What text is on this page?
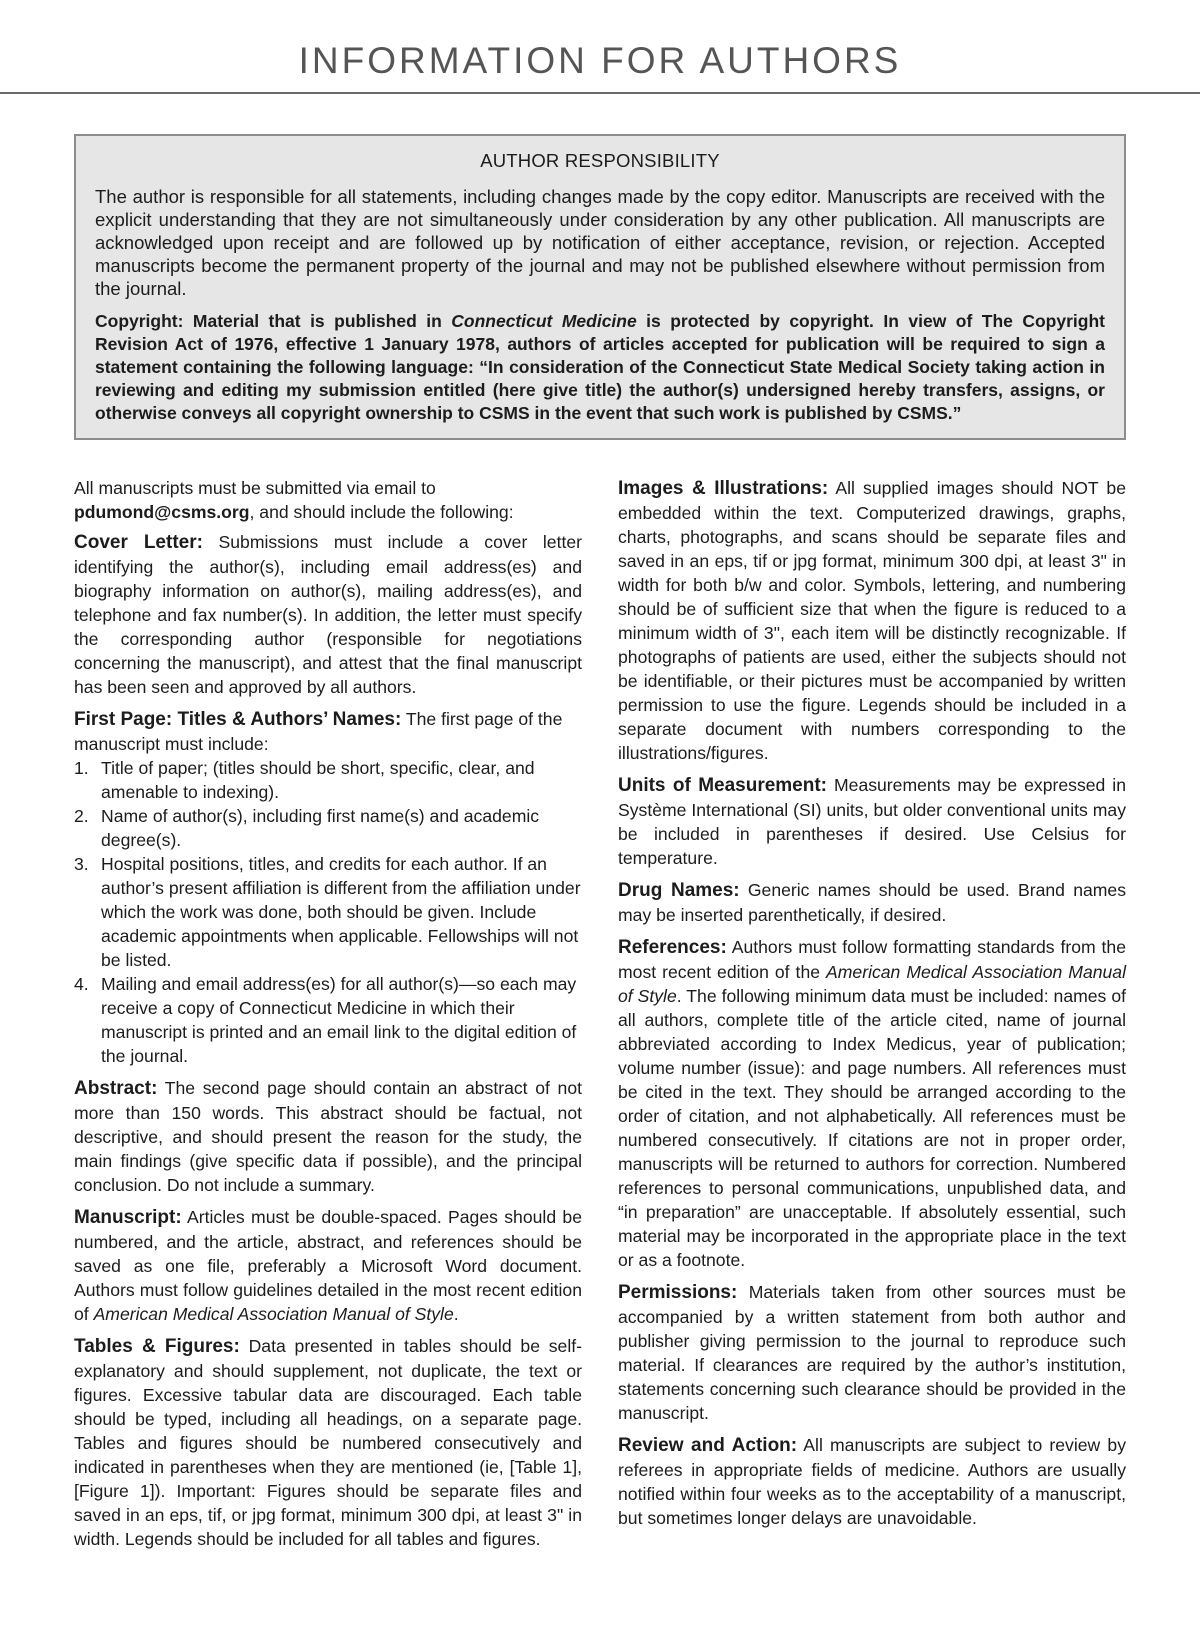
INFORMATION FOR AUTHORS
AUTHOR RESPONSIBILITY

The author is responsible for all statements, including changes made by the copy editor. Manuscripts are received with the explicit understanding that they are not simultaneously under consideration by any other publication. All manuscripts are acknowledged upon receipt and are followed up by notification of either acceptance, revision, or rejection. Accepted manuscripts become the permanent property of the journal and may not be published elsewhere without permission from the journal.

Copyright: Material that is published in Connecticut Medicine is protected by copyright. In view of The Copyright Revision Act of 1976, effective 1 January 1978, authors of articles accepted for publication will be required to sign a statement containing the following language: “In consideration of the Connecticut State Medical Society taking action in reviewing and editing my submission entitled (here give title) the author(s) undersigned hereby transfers, assigns, or otherwise conveys all copyright ownership to CSMS in the event that such work is published by CSMS.”

All manuscripts must be submitted via email to pdumond@csms.org, and should include the following:

Cover Letter: Submissions must include a cover letter identifying the author(s), including email address(es) and biography information on author(s), mailing address(es), and telephone and fax number(s). In addition, the letter must specify the corresponding author (responsible for negotiations concerning the manuscript), and attest that the final manuscript has been seen and approved by all authors.

First Page: Titles & Authors’ Names: The first page of the manuscript must include:

1. Title of paper; (titles should be short, specific, clear, and amenable to indexing).
2. Name of author(s), including first name(s) and academic degree(s).
3. Hospital positions, titles, and credits for each author. If an author’s present affiliation is different from the affiliation under which the work was done, both should be given. Include academic appointments when applicable. Fellowships will not be listed.
4. Mailing and email address(es) for all author(s)—so each may receive a copy of Connecticut Medicine in which their manuscript is printed and an email link to the digital edition of the journal.

Abstract: The second page should contain an abstract of not more than 150 words. This abstract should be factual, not descriptive, and should present the reason for the study, the main findings (give specific data if possible), and the principal conclusion. Do not include a summary.

Manuscript: Articles must be double-spaced. Pages should be numbered, and the article, abstract, and references should be saved as one file, preferably a Microsoft Word document. Authors must follow guidelines detailed in the most recent edition of American Medical Association Manual of Style.

Tables & Figures: Data presented in tables should be self-explanatory and should supplement, not duplicate, the text or figures. Excessive tabular data are discouraged. Each table should be typed, including all headings, on a separate page. Tables and figures should be numbered consecutively and indicated in parentheses when they are mentioned (ie, [Table 1], [Figure 1]). Important: Figures should be separate files and saved in an eps, tif, or jpg format, minimum 300 dpi, at least 3" in width. Legends should be included for all tables and figures.

Images & Illustrations: All supplied images should NOT be embedded within the text. Computerized drawings, graphs, charts, photographs, and scans should be separate files and saved in an eps, tif or jpg format, minimum 300 dpi, at least 3" in width for both b/w and color. Symbols, lettering, and numbering should be of sufficient size that when the figure is reduced to a minimum width of 3", each item will be distinctly recognizable. If photographs of patients are used, either the subjects should not be identifiable, or their pictures must be accompanied by written permission to use the figure. Legends should be included in a separate document with numbers corresponding to the illustrations/figures.

Units of Measurement: Measurements may be expressed in Système International (SI) units, but older conventional units may be included in parentheses if desired. Use Celsius for temperature.

Drug Names: Generic names should be used. Brand names may be inserted parenthetically, if desired.

References: Authors must follow formatting standards from the most recent edition of the American Medical Association Manual of Style. The following minimum data must be included: names of all authors, complete title of the article cited, name of journal abbreviated according to Index Medicus, year of publication; volume number (issue): and page numbers. All references must be cited in the text. They should be arranged according to the order of citation, and not alphabetically. All references must be numbered consecutively. If citations are not in proper order, manuscripts will be returned to authors for correction. Numbered references to personal communications, unpublished data, and “in preparation” are unacceptable. If absolutely essential, such material may be incorporated in the appropriate place in the text or as a footnote.

Permissions: Materials taken from other sources must be accompanied by a written statement from both author and publisher giving permission to the journal to reproduce such material. If clearances are required by the author’s institution, statements concerning such clearance should be provided in the manuscript.

Review and Action: All manuscripts are subject to review by referees in appropriate fields of medicine. Authors are usually notified within four weeks as to the acceptability of a manuscript, but sometimes longer delays are unavoidable.
